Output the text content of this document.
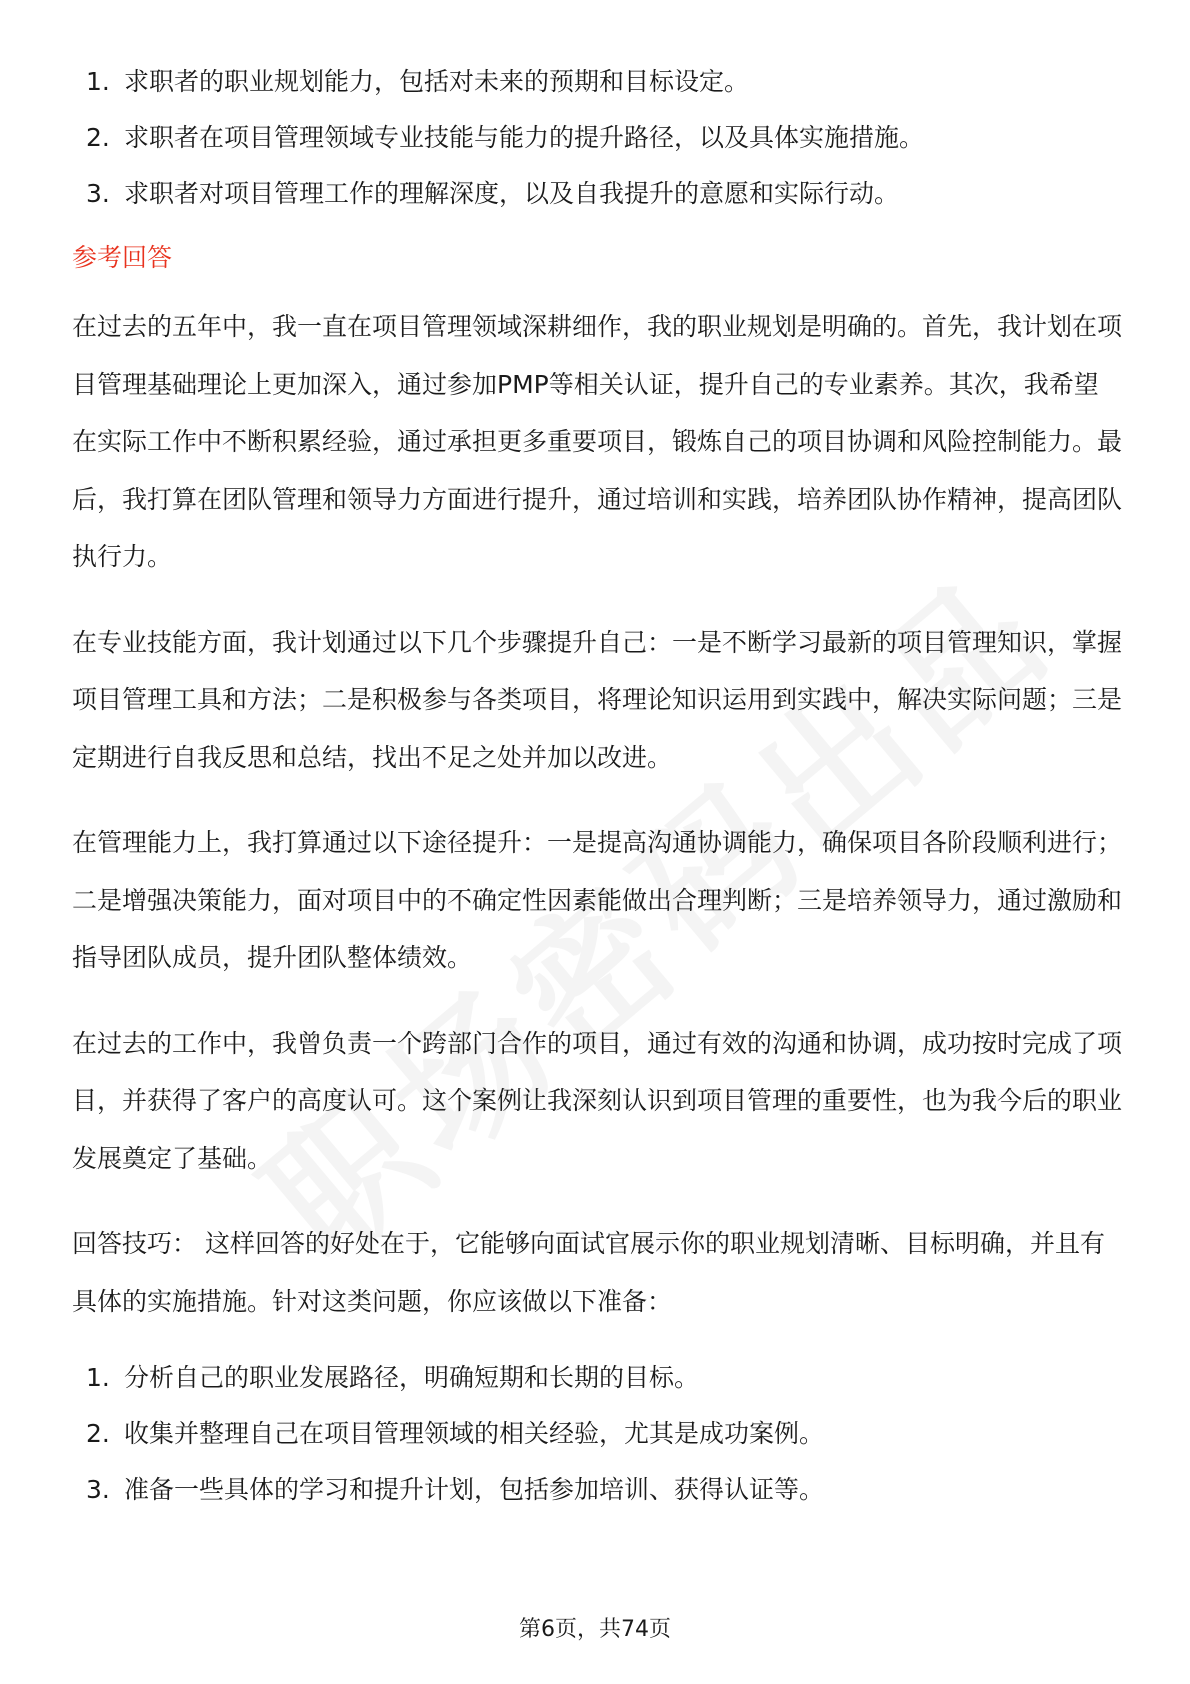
1. 求职者的职业规划能力，包括对未来的预期和目标设定。
2. 求职者在项目管理领域专业技能与能力的提升路径，以及具体实施措施。
3. 求职者对项目管理工作的理解深度，以及自我提升的意愿和实际行动。
参考回答

在过去的五年中，我一直在项目管理领域深耕细作，我的职业规划是明确的。首先，我计划在项目管理基础理论上更加深入，通过参加PMP等相关认证，提升自己的专业素养。其次，我希望在实际工作中不断积累经验，通过承担更多重要项目，锻炼自己的项目协调和风险控制能力。最后，我打算在团队管理和领导力方面进行提升，通过培训和实践，培养团队协作精神，提高团队执行力。

在专业技能方面，我计划通过以下几个步骤提升自己：一是不断学习最新的项目管理知识，掌握项目管理工具和方法；二是积极参与各类项目，将理论知识运用到实践中，解决实际问题；三是定期进行自我反思和总结，找出不足之处并加以改进。

在管理能力上，我打算通过以下途径提升：一是提高沟通协调能力，确保项目各阶段顺利进行；二是增强决策能力，面对项目中的不确定性因素能做出合理判断；三是培养领导力，通过激励和指导团队成员，提升团队整体绩效。

在过去的工作中，我曾负责一个跨部门合作的项目，通过有效的沟通和协调，成功按时完成了项目，并获得了客户的高度认可。这个案例让我深刻认识到项目管理的重要性，也为我今后的职业发展奠定了基础。

回答技巧： 这样回答的好处在于，它能够向面试官展示你的职业规划清晰、目标明确，并且有具体的实施措施。针对这类问题，你应该做以下准备：

1. 分析自己的职业发展路径，明确短期和长期的目标。
2. 收集并整理自己在项目管理领域的相关经验，尤其是成功案例。
3. 准备一些具体的学习和提升计划，包括参加培训、获得认证等。
第6页，共74页
